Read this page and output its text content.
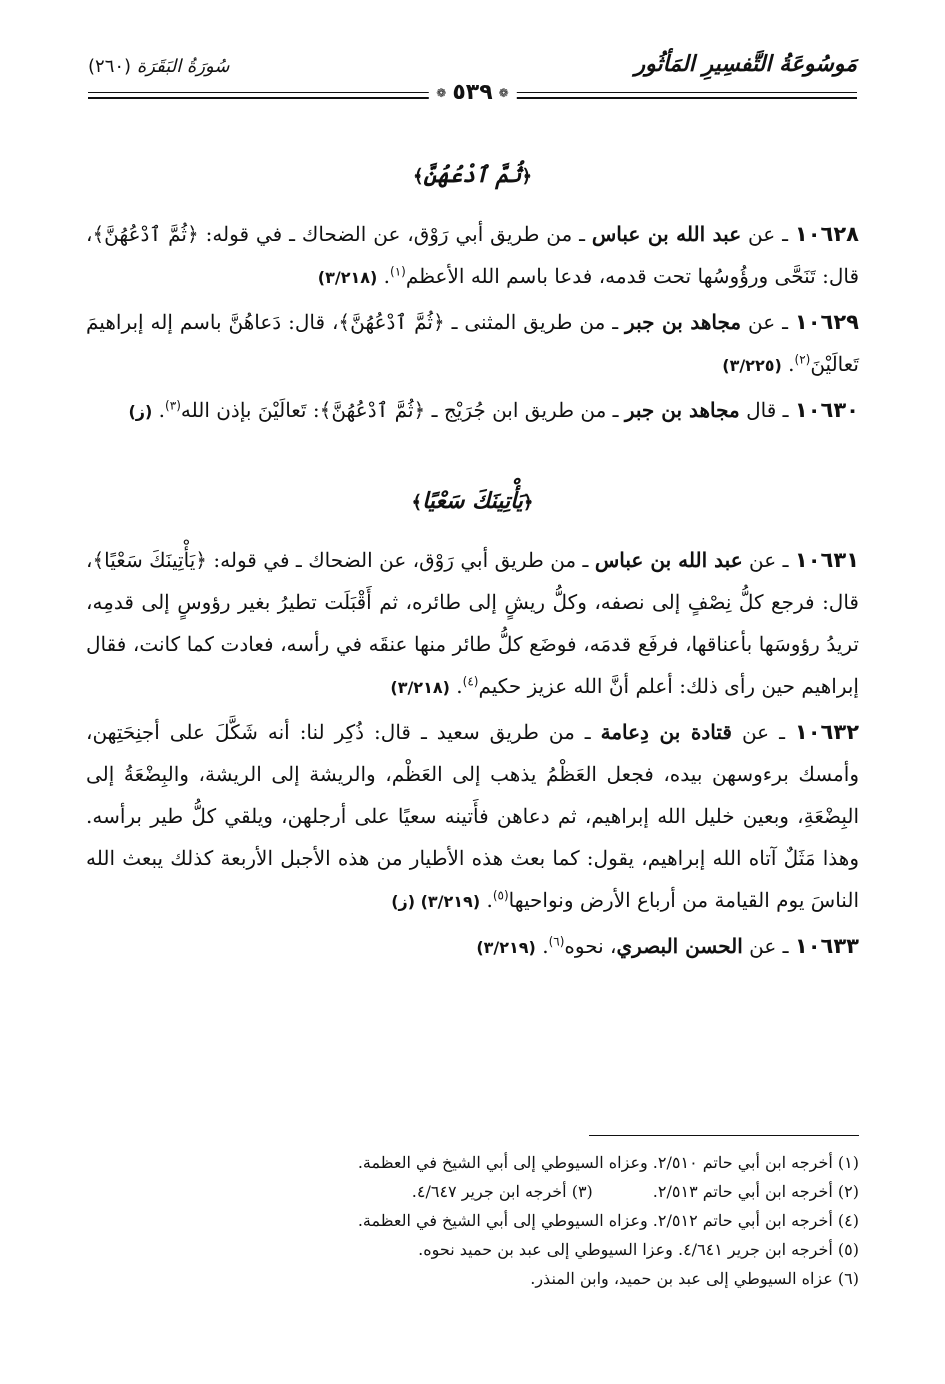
مَوسُوعَةُ التَّفسِيرِ المَأثُور
سُورَةُ البَقَرَة (٢٦٠)
❁
٥٣٩
❁
﴿ثُمَّ ٱدْعُهُنَّ﴾

١٠٦٢٨ ـ عن عبد الله بن عباس ـ من طريق أبي رَوْق، عن الضحاك ـ في قوله: ﴿ثُمَّ ٱدْعُهُنَّ﴾، قال: تَنَحَّى ورؤُوسُها تحت قدمه، فدعا باسم الله الأعظم$^{(١)}$. (٣/٢١٨)

١٠٦٢٩ ـ عن مجاهد بن جبر ـ من طريق المثنى ـ ﴿ثُمَّ ٱدْعُهُنَّ﴾، قال: دَعاهُنَّ باسم إله إبراهيمَ تَعالَيْنَ$^{(٢)}$. (٣/٢٢٥)

١٠٦٣٠ ـ قال مجاهد بن جبر ـ من طريق ابن جُرَيْج ـ ﴿ثُمَّ ٱدْعُهُنَّ﴾: تَعالَيْنَ بإذن الله$^{(٣)}$. (ز)

﴿يَأْتِينَكَ سَعْيًا﴾

١٠٦٣١ ـ عن عبد الله بن عباس ـ من طريق أبي رَوْق، عن الضحاك ـ في قوله: ﴿يَأْتِينَكَ سَعْيًا﴾، قال: فرجع كلُّ نِصْفٍ إلى نصفه، وكلُّ ريشٍ إلى طائره، ثم أَقْبَلَت تطيرُ بغير رؤوسٍ إلى قدمِه، تريدُ رؤوسَها بأعناقها، فرفَع قدمَه، فوضَع كلُّ طائر منها عنقَه في رأسه، فعادت كما كانت، فقال إبراهيم حين رأى ذلك: أعلم أنَّ الله عزيز حكيم$^{(٤)}$. (٣/٢١٨)

١٠٦٣٢ ـ عن قتادة بن دِعامة ـ من طريق سعيد ـ قال: ذُكِر لنا: أنه شَكَّلَ على أجنِحَتِهن، وأمسك برءوسهن بيده، فجعل العَظْمُ يذهب إلى العَظْم، والريشة إلى الريشة، والبِضْعَةُ إلى البِضْعَةِ، وبعين خليل الله إبراهيم، ثم دعاهن فأَتينه سعيًا على أرجلهن، ويلقي كلُّ طير برأسه. وهذا مَثَلٌ آتاه الله إبراهيم، يقول: كما بعث هذه الأطيار من هذه الأجبل الأربعة كذلك يبعث الله الناسَ يوم القيامة من أرباع الأرض ونواحيها$^{(٥)}$. (٣/٢١٩) (ز)

١٠٦٣٣ ـ عن الحسن البصري، نحوه$^{(٦)}$. (٣/٢١٩)

(١) أخرجه ابن أبي حاتم ٢/٥١٠. وعزاه السيوطي إلى أبي الشيخ في العظمة.

(٢) أخرجه ابن أبي حاتم ٢/٥١٣.(٣) أخرجه ابن جرير ٤/٦٤٧.

(٤) أخرجه ابن أبي حاتم ٢/٥١٢. وعزاه السيوطي إلى أبي الشيخ في العظمة.

(٥) أخرجه ابن جرير ٤/٦٤١. وعزا السيوطي إلى عبد بن حميد نحوه.

(٦) عزاه السيوطي إلى عبد بن حميد، وابن المنذر.
